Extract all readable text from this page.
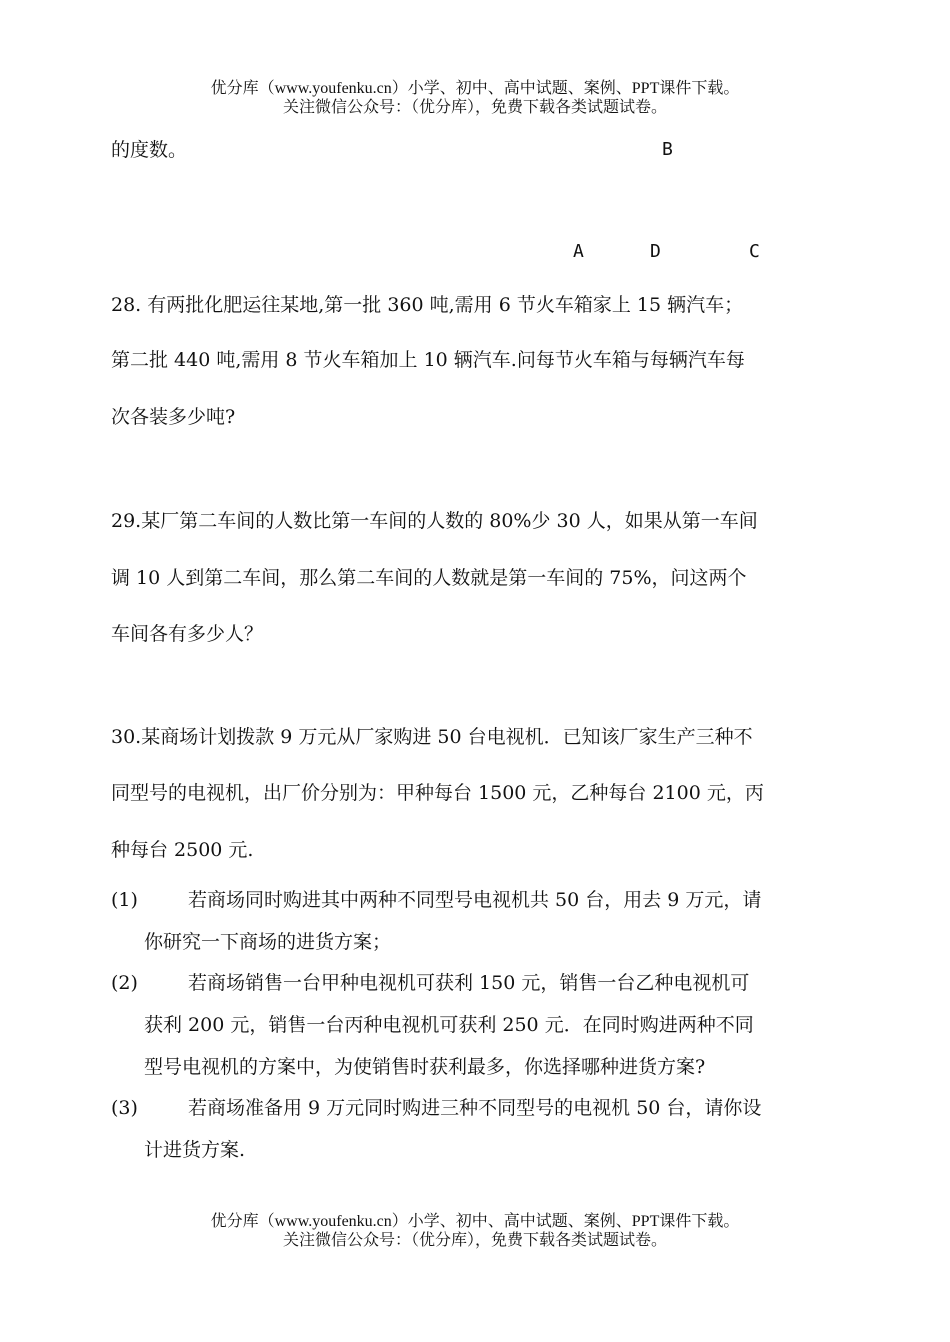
优分库（www.youfenku.cn）小学、初中、高中试题、案例、PPT课件下载。
关注微信公众号：（优分库），免费下载各类试题试卷。
的度数。	B
A	D	C
28. 有两批化肥运往某地,第一批 360 吨,需用 6 节火车箱家上 15 辆汽车；
第二批 440 吨,需用 8 节火车箱加上 10 辆汽车.问每节火车箱与每辆汽车每
次各装多少吨?
29.某厂第二车间的人数比第一车间的人数的 80%少 30 人，如果从第一车间
调 10 人到第二车间，那么第二车间的人数就是第一车间的 75%，问这两个
车间各有多少人？
30.某商场计划拨款 9 万元从厂家购进 50 台电视机．已知该厂家生产三种不
同型号的电视机，出厂价分别为：甲种每台 1500 元，乙种每台 2100 元，丙
种每台 2500 元.
(1)	若商场同时购进其中两种不同型号电视机共 50 台，用去 9 万元，请
你研究一下商场的进货方案；
(2)	若商场销售一台甲种电视机可获利 150 元，销售一台乙种电视机可
获利 200 元，销售一台丙种电视机可获利 250 元．在同时购进两种不同
型号电视机的方案中，为使销售时获利最多，你选择哪种进货方案?
(3)	若商场准备用 9 万元同时购进三种不同型号的电视机 50 台，请你设
计进货方案.
优分库（www.youfenku.cn）小学、初中、高中试题、案例、PPT课件下载。
关注微信公众号：（优分库），免费下载各类试题试卷。
